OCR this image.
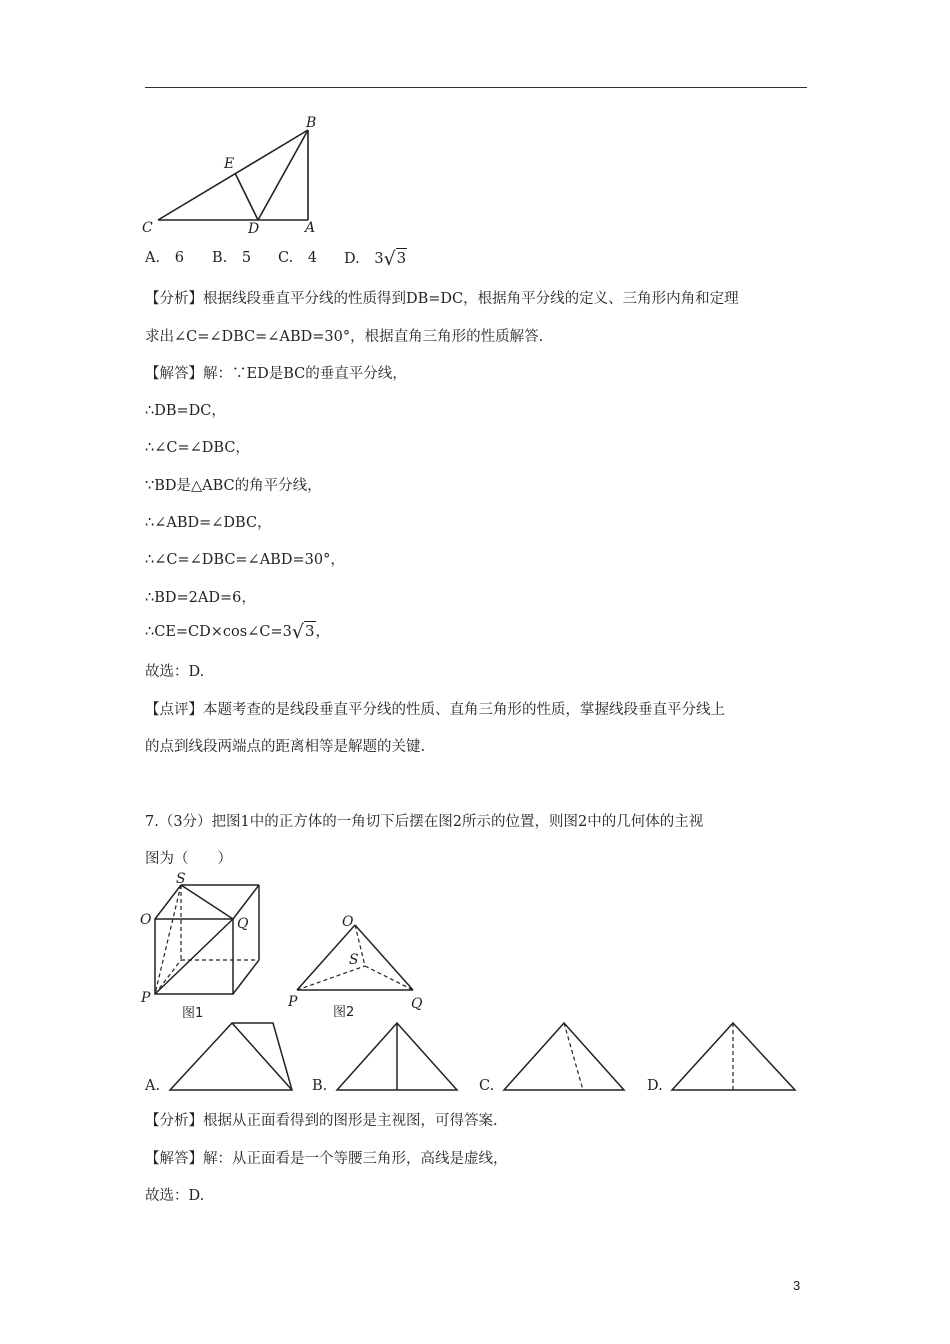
B
E
C	D	A
A. 6 B. 5 C. 4 D. 3√3
【分析】根据线段垂直平分线的性质得到DB=DC，根据角平分线的定义、三角形内角和定理
求出∠C=∠DBC=∠ABD=30°，根据直角三角形的性质解答.
【解答】解：∵ED是BC的垂直平分线，
∴DB=DC，
∴∠C=∠DBC，
∵BD是△ABC的角平分线，
∴∠ABD=∠DBC，
∴∠C=∠DBC=∠ABD=30°，
∴BD=2AD=6，
∴CE=CD×cos∠C=3√3，
故选：D.
【点评】本题考查的是线段垂直平分线的性质、直角三角形的性质，掌握线段垂直平分线上
的点到线段两端点的距离相等是解题的关键.
7.（3分）把图1中的正方体的一角切下后摆在图2所示的位置，则图2中的几何体的主视
图为（　　）
S
O	Q
P
图1
O
S
P	Q
图2
A.	B.	C.	D.
【分析】根据从正面看得到的图形是主视图，可得答案.
【解答】解：从正面看是一个等腰三角形，高线是虚线，
故选：D.
3
